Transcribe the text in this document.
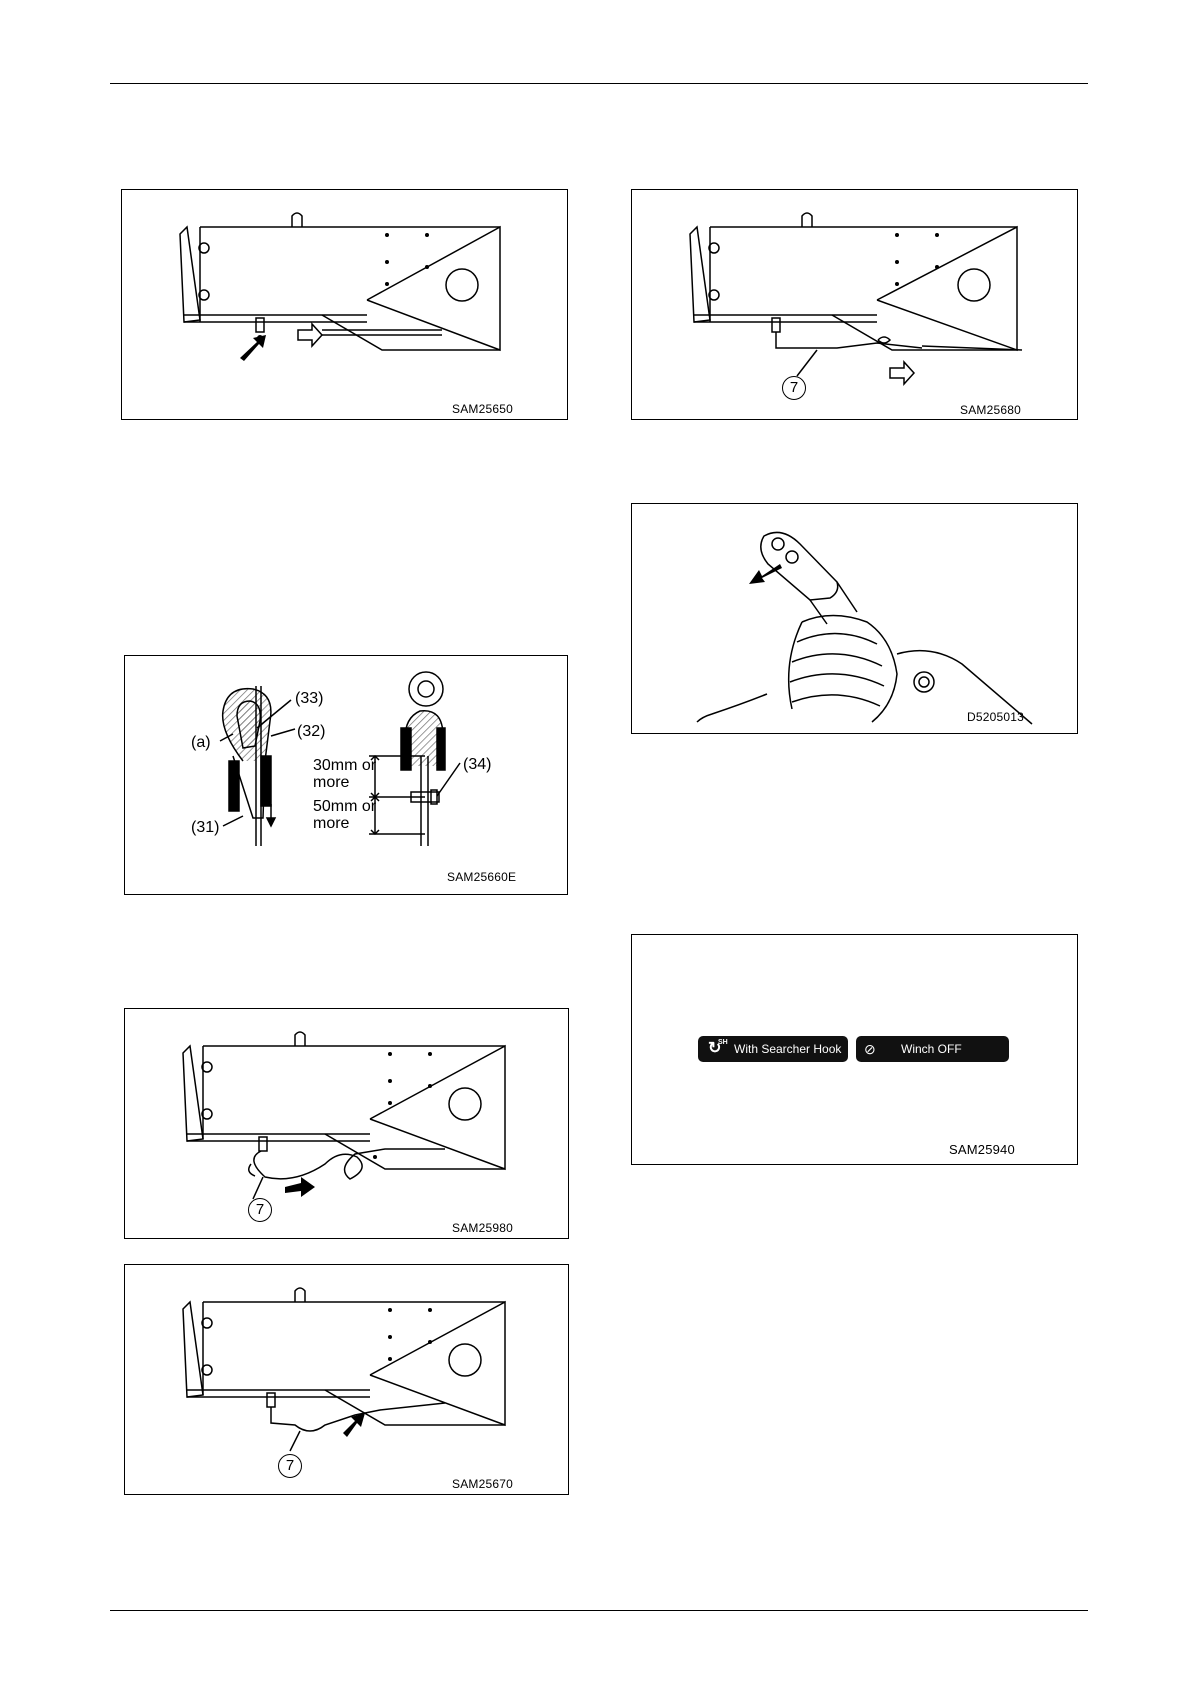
SAM25650
7
SAM25680
D5205013
(33)
(32)
(a)
(31)
(34)
30mm or
more
50mm or
more
SAM25660E
↻
SH With Searcher Hook ⊘ Winch OFF
SAM25940
7
SAM25980
7
SAM25670
